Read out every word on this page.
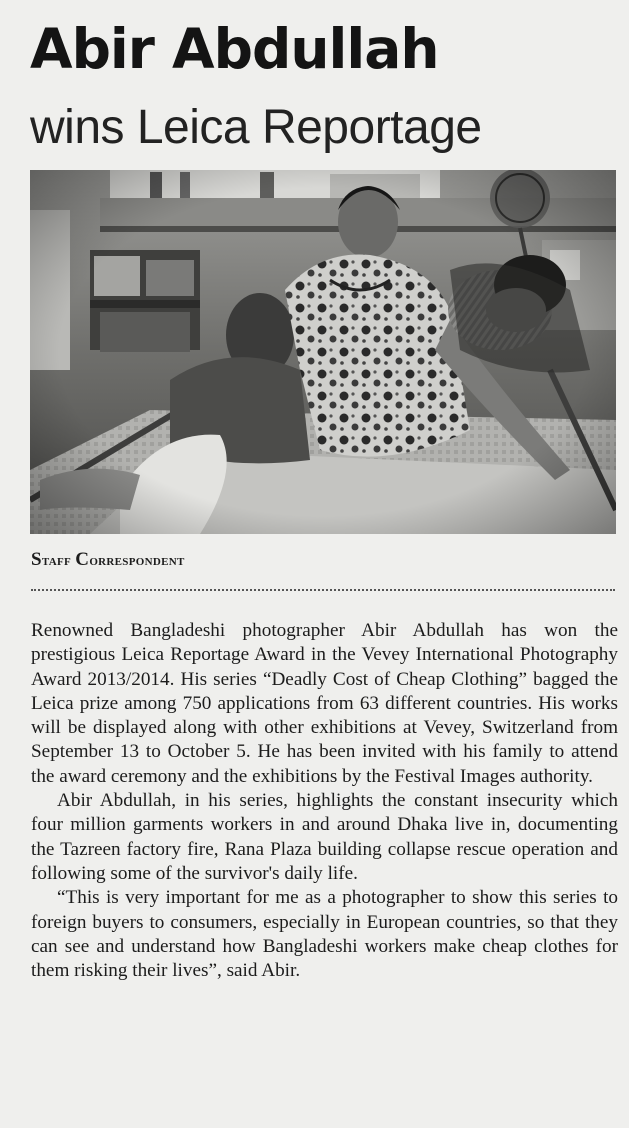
Abir Abdullah
wins Leica Reportage
Staff Correspondent

Renowned Bangladeshi photographer Abir Abdullah has won the prestigious Leica Reportage Award in the Vevey International Photography Award 2013/2014. His series “Deadly Cost of Cheap Clothing” bagged the Leica prize among 750 applications from 63 different countries. His works will be displayed along with other exhibitions at Vevey, Switzerland from September 13 to October 5. He has been invited with his family to attend the award ceremony and the exhibitions by the Festival Images authority.

Abir Abdullah, in his series, highlights the constant insecurity which four million garments workers in and around Dhaka live in, documenting the Tazreen factory fire, Rana Plaza building collapse rescue operation and following some of the survivor's daily life.

“This is very important for me as a photographer to show this series to foreign buyers to consumers, especially in European countries, so that they can see and understand how Bangladeshi workers make cheap clothes for them risking their lives”, said Abir.
